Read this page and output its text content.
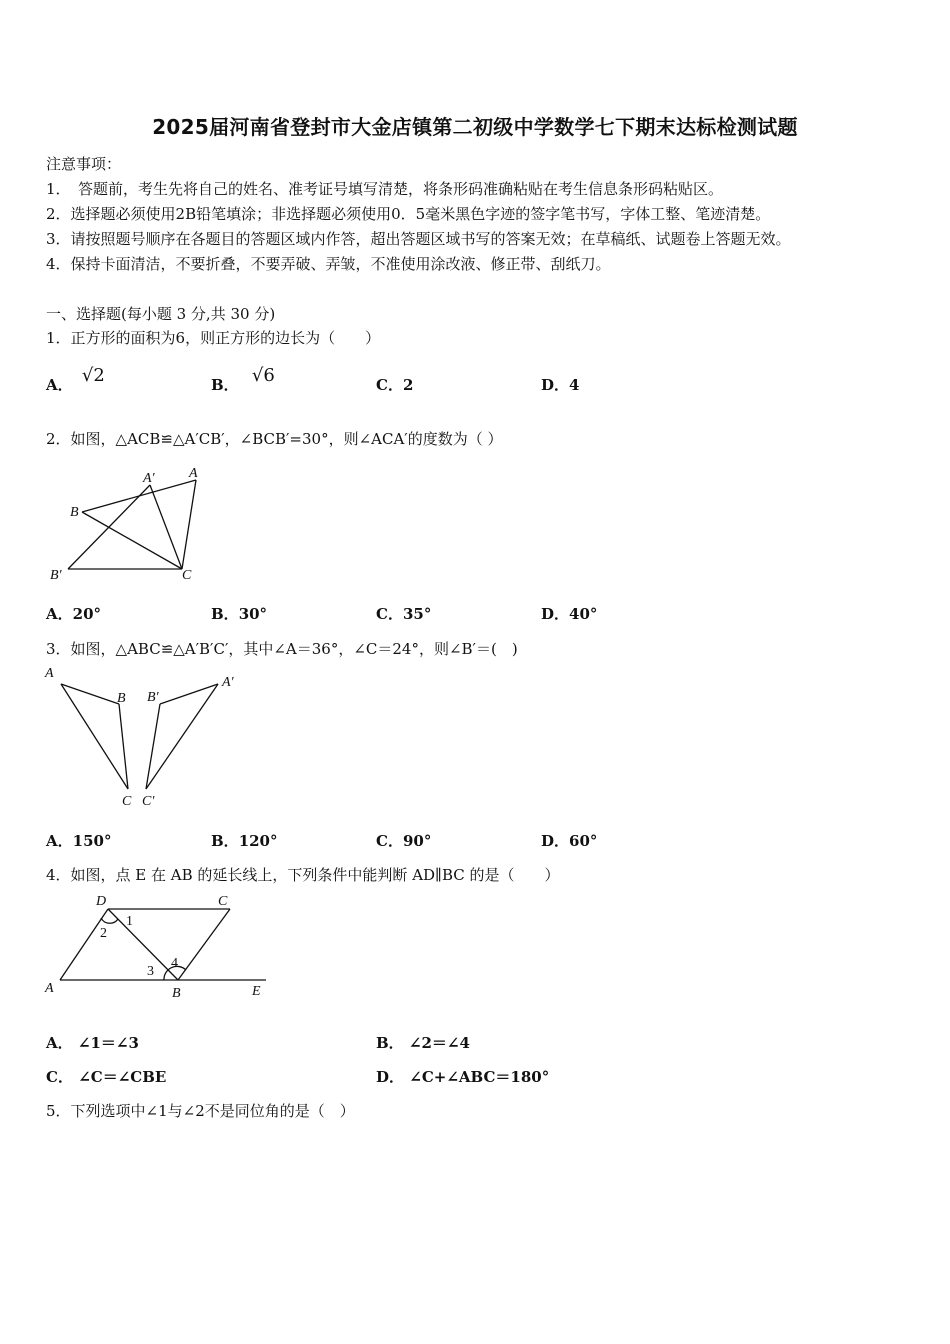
2025届河南省登封市大金店镇第二初级中学数学七下期末达标检测试题
注意事项：
1．　答题前，考生先将自己的姓名、准考证号填写清楚，将条形码准确粘贴在考生信息条形码粘贴区。
2．选择题必须使用2B铅笔填涂；非选择题必须使用0．5毫米黑色字迹的签字笔书写，字体工整、笔迹清楚。
3．请按照题号顺序在各题目的答题区域内作答，超出答题区域书写的答案无效；在草稿纸、试题卷上答题无效。
4．保持卡面清洁，不要折叠，不要弄破、弄皱，不准使用涂改液、修正带、刮纸刀。
一、选择题(每小题 3 分,共 30 分)
1．正方形的面积为6，则正方形的边长为（　　）
A． √2	B． √6	C．2	D．4
2．如图，△ACB≌△A′CB′，∠BCB′=30°，则∠ACA′的度数为（ ）
A′ A
B
B′	C
A．20°	B．30°	C．35°	D．40°
3．如图，△ABC≌△A′B′C′，其中∠A＝36°，∠C＝24°，则∠B′＝(　)
A
B
C
B′
A′
C′
A．150°	B．120°	C．90°	D．60°
4．如图，点 E 在 AB 的延长线上，下列条件中能判断 AD∥BC 的是（　　）
D	C
1
2
3
4
A	B	E
A． ∠1＝∠3	B． ∠2＝∠4
C． ∠C＝∠CBE	D． ∠C+∠ABC＝180°
5．下列选项中∠1与∠2不是同位角的是（　）
